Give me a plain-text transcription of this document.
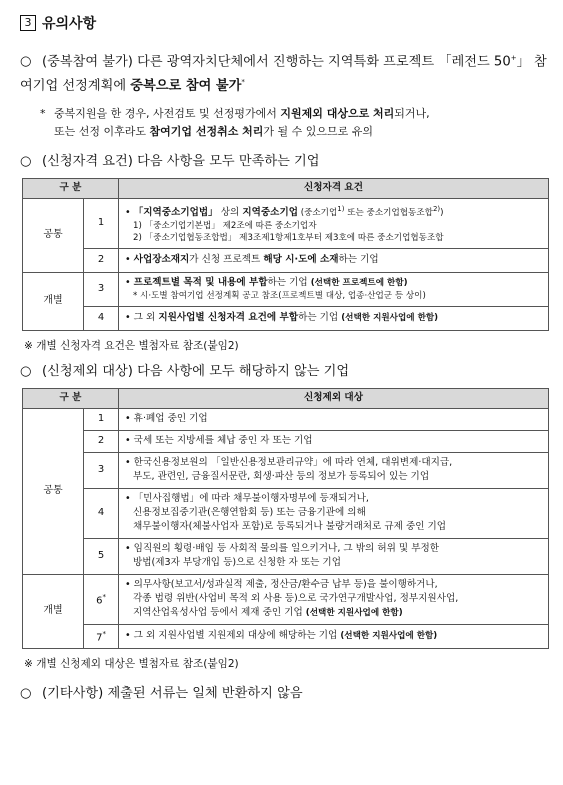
3 유의사항
○ (중복참여 불가) 다른 광역자치단체에서 진행하는 지역특화 프로젝트 「레전드 50+」 참여기업 선정계획에 중복으로 참여 불가*
* 중복지원을 한 경우, 사전검토 및 선정평가에서 지원제외 대상으로 처리되거나,
또는 선정 이후라도 참여기업 선정취소 처리가 될 수 있으므로 유의
○ (신청자격 요건) 다음 사항을 모두 만족하는 기업
구 분		신청자격 요건
공통	1	• 「지역중소기업법」 상의 지역중소기업 (중소기업$^{1)}$ 또는 중소기업협동조합$^{2)}$)
1) 「중소기업기본법」 제2조에 따른 중소기업자
2) 「중소기업협동조합법」 제3조제1항제1호부터 제3호에 따른 중소기업협동조합

	2	• 사업장소재지가 신청 프로젝트 해당 시·도에 소재하는 기업
개별	3	• 프로젝트별 목적 및 내용에 부합하는 기업 (선택한 프로젝트에 한함)
* 시·도별 참여기업 선정계획 공고 참조(프로젝트별 대상, 업종·산업군 등 상이)

	4	• 그 외 지원사업별 신청자격 요건에 부합하는 기업 (선택한 지원사업에 한함)
※ 개별 신청자격 요건은 별첨자료 참조(붙임2)
○ (신청제외 대상) 다음 사항에 모두 해당하지 않는 기업
구 분		신청제외 대상
공통	1	• 휴·폐업 중인 기업
	2	• 국세 또는 지방세를 체납 중인 자 또는 기업
	3	• 한국신용정보원의 「일반신용정보관리규약」에 따라 연체, 대위변제·대지급,
부도, 관련인, 금융질서문란, 회생·파산 등의 정보가 등록되어 있는 기업

	4	• 「민사집행법」에 따라 채무불이행자명부에 등재되거나,
신용정보집중기관(은행연합회 등) 또는 금융기관에 의해
채무불이행자(체불사업자 포함)로 등록되거나 불량거래처로 규제 중인 기업

	5	• 임직원의 횡령·배임 등 사회적 물의를 일으키거나, 그 밖의 허위 및 부정한
방법(제3자 부당개입 등)으로 신청한 자 또는 기업

개별	6*	• 의무사항(보고서/성과실적 제출, 정산금/환수금 납부 등)을 불이행하거나,
각종 법령 위반(사업비 목적 외 사용 등)으로 국가연구개발사업, 정부지원사업,
지역산업육성사업 등에서 제재 중인 기업 (선택한 지원사업에 한함)

	7*	• 그 외 지원사업별 지원제외 대상에 해당하는 기업 (선택한 지원사업에 한함)
※ 개별 신청제외 대상은 별첨자료 참조(붙임2)
○ (기타사항) 제출된 서류는 일체 반환하지 않음
